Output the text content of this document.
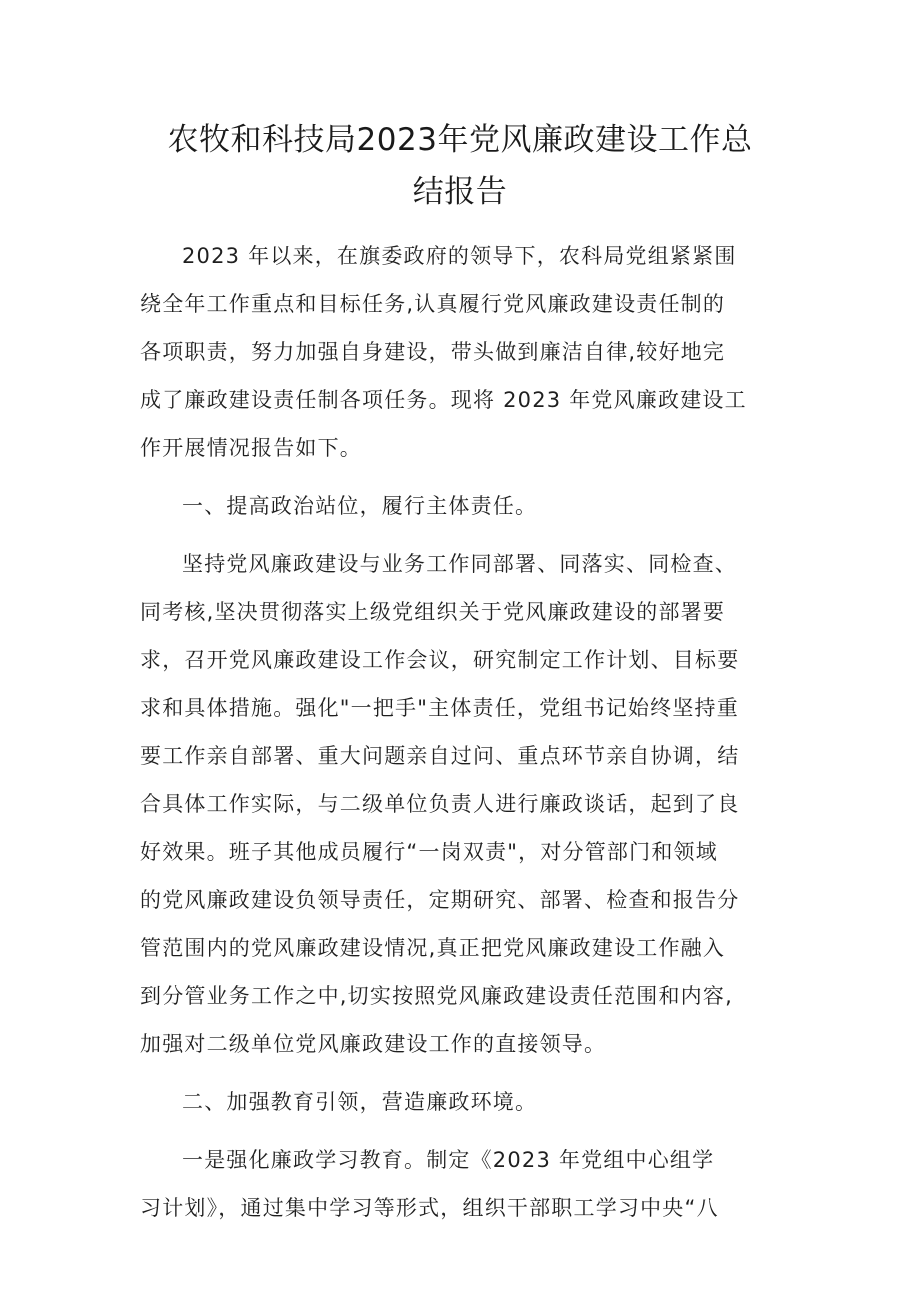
农牧和科技局2023年党风廉政建设工作总
结报告

2023 年以来，在旗委政府的领导下，农科局党组紧紧围
绕全年工作重点和目标任务,认真履行党风廉政建设责任制的
各项职责，努力加强自身建设，带头做到廉洁自律,较好地完
成了廉政建设责任制各项任务。现将 2023 年党风廉政建设工
作开展情况报告如下。

一、提高政治站位，履行主体责任。

坚持党风廉政建设与业务工作同部署、同落实、同检查、
同考核,坚决贯彻落实上级党组织关于党风廉政建设的部署要
求，召开党风廉政建设工作会议，研究制定工作计划、目标要
求和具体措施。强化"一把手"主体责任，党组书记始终坚持重
要工作亲自部署、重大问题亲自过问、重点环节亲自协调，结
合具体工作实际，与二级单位负责人进行廉政谈话，起到了良
好效果。班子其他成员履行“一岗双责"，对分管部门和领域
的党风廉政建设负领导责任，定期研究、部署、检查和报告分
管范围内的党风廉政建设情况,真正把党风廉政建设工作融入
到分管业务工作之中,切实按照党风廉政建设责任范围和内容,
加强对二级单位党风廉政建设工作的直接领导。

二、加强教育引领，营造廉政环境。

一是强化廉政学习教育。制定《2023 年党组中心组学
习计划》，通过集中学习等形式，组织干部职工学习中央“八
